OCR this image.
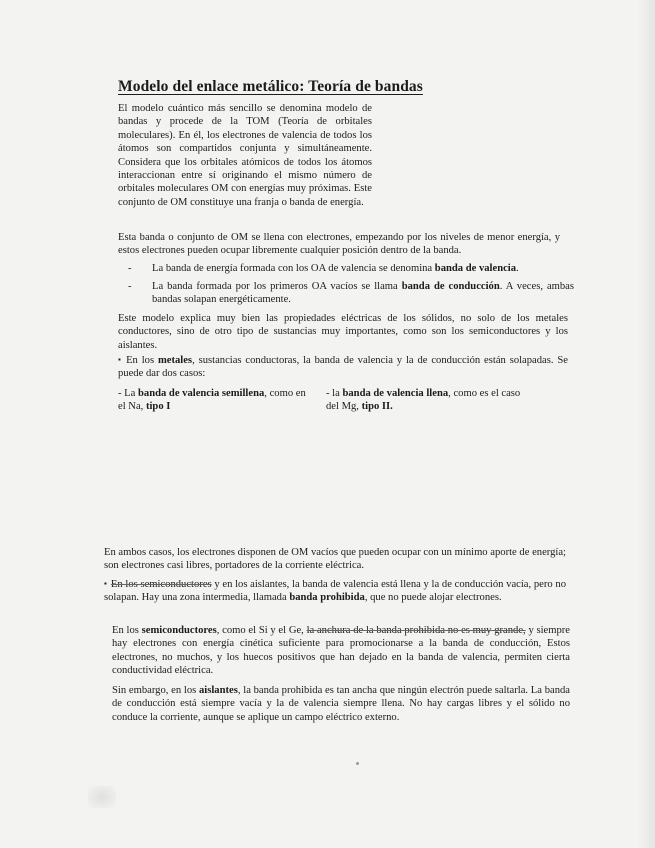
Modelo del enlace metálico: Teoría de bandas

El modelo cuántico más sencillo se denomina modelo de bandas y procede de la TOM (Teoría de orbitales moleculares). En él, los electrones de valencia de todos los átomos son compartidos conjunta y simultáneamente. Considera que los orbitales atómicos de todos los átomos interaccionan entre sí originando el mismo número de orbitales moleculares OM con energías muy próximas. Este conjunto de OM constituye una franja o banda de energía.

Esta banda o conjunto de OM se llena con electrones, empezando por los niveles de menor energía, y estos electrones pueden ocupar libremente cualquier posición dentro de la banda.

- La banda de energía formada con los OA de valencia se denomina banda de valencia.
- La banda formada por los primeros OA vacíos se llama banda de conducción. A veces, ambas bandas solapan energéticamente.

Este modelo explica muy bien las propiedades eléctricas de los sólidos, no solo de los metales conductores, sino de otro tipo de sustancias muy importantes, como son los semiconductores y los aislantes.

▪ En los metales, sustancias conductoras, la banda de valencia y la de conducción están solapadas. Se puede dar dos casos:

- La banda de valencia semillena, como en el Na, tipo I

- la banda de valencia llena, como es el caso del Mg, tipo II.

En ambos casos, los electrones disponen de OM vacíos que pueden ocupar con un mínimo aporte de energía; son electrones casi libres, portadores de la corriente eléctrica.

▪ En los semiconductores y en los aislantes, la banda de valencia está llena y la de conducción vacía, pero no solapan. Hay una zona intermedia, llamada banda prohibida, que no puede alojar electrones.

En los semiconductores, como el Si y el Ge, la anchura de la banda prohibida no es muy grande, y siempre hay electrones con energía cinética suficiente para promocionarse a la banda de conducción, Estos electrones, no muchos, y los huecos positivos que han dejado en la banda de valencia, permiten cierta conductividad eléctrica.

Sin embargo, en los aislantes, la banda prohibida es tan ancha que ningún electrón puede saltarla. La banda de conducción está siempre vacía y la de valencia siempre llena. No hay cargas libres y el sólido no conduce la corriente, aunque se aplique un campo eléctrico externo.
